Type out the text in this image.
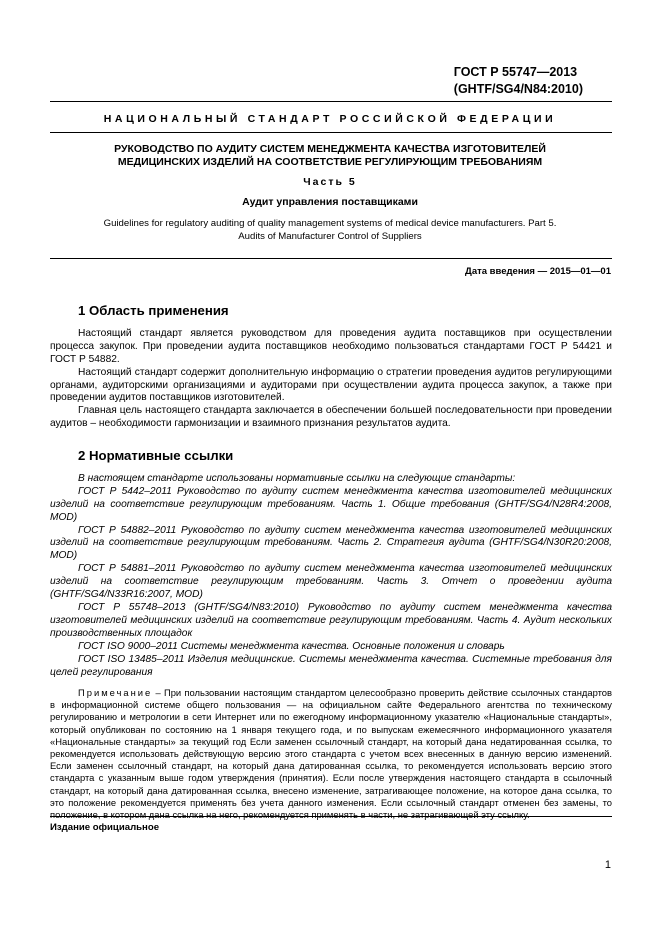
ГОСТ Р 55747—2013
(GHTF/SG4/N84:2010)
НАЦИОНАЛЬНЫЙ СТАНДАРТ РОССИЙСКОЙ ФЕДЕРАЦИИ
РУКОВОДСТВО ПО АУДИТУ СИСТЕМ МЕНЕДЖМЕНТА КАЧЕСТВА ИЗГОТОВИТЕЛЕЙ
МЕДИЦИНСКИХ ИЗДЕЛИЙ НА СООТВЕТСТВИЕ РЕГУЛИРУЮЩИМ ТРЕБОВАНИЯМ
Часть 5
Аудит управления поставщиками
Guidelines for regulatory auditing of quality management systems of medical device manufacturers. Part 5.
Audits of Manufacturer Control of Suppliers
Дата введения — 2015—01—01
1 Область применения

Настоящий стандарт является руководством для проведения аудита поставщиков при осуществлении процесса закупок. При проведении аудита поставщиков необходимо пользоваться стандартами ГОСТ Р 54421 и ГОСТ Р 54882.

Настоящий стандарт содержит дополнительную информацию о стратегии проведения аудитов регулирующими органами, аудиторскими организациями и аудиторами при осуществлении аудита процесса закупок, а также при проведении аудитов поставщиков изготовителей.

Главная цель настоящего стандарта заключается в обеспечении большей последовательности при проведении аудитов – необходимости гармонизации и взаимного признания результатов аудита.

2 Нормативные ссылки

В настоящем стандарте использованы нормативные ссылки на следующие стандарты:

ГОСТ Р 5442–2011 Руководство по аудиту систем менеджмента качества изготовителей медицинских изделий на соответствие регулирующим требованиям. Часть 1. Общие требования (GHTF/SG4/N28R4:2008, MOD)

ГОСТ Р 54882–2011 Руководство по аудиту систем менеджмента качества изготовителей медицинских изделий на соответствие регулирующим требованиям. Часть 2. Стратегия аудита (GHTF/SG4/N30R20:2008, MOD)

ГОСТ Р 54881–2011 Руководство по аудиту систем менеджмента качества изготовителей медицинских изделий на соответствие регулирующим требованиям. Часть 3. Отчет о проведении аудита (GHTF/SG4/N33R16:2007, MOD)

ГОСТ Р 55748–2013 (GHTF/SG4/N83:2010) Руководство по аудиту систем менеджмента качества изготовителей медицинских изделий на соответствие регулирующим требованиям. Часть 4. Аудит нескольких производственных площадок

ГОСТ ISO 9000–2011 Системы менеджмента качества. Основные положения и словарь

ГОСТ ISO 13485–2011 Изделия медицинские. Системы менеджмента качества. Системные требования для целей регулирования

Примечание – При пользовании настоящим стандартом целесообразно проверить действие ссылочных стандартов в информационной системе общего пользования — на официальном сайте Федерального агентства по техническому регулированию и метрологии в сети Интернет или по ежегодному информационному указателю «Национальные стандарты», который опубликован по состоянию на 1 января текущего года, и по выпускам ежемесячного информационного указателя «Национальные стандарты» за текущий год Если заменен ссылочный стандарт, на который дана недатированная ссылка, то рекомендуется использовать действующую версию этого стандарта с учетом всех внесенных в данную версию изменений. Если заменен ссылочный стандарт, на который дана датированная ссылка, то рекомендуется использовать версию этого стандарта с указанным выше годом утверждения (принятия). Если после утверждения настоящего стандарта в ссылочный стандарт, на который дана датированная ссылка, внесено изменение, затрагивающее положение, на которое дана ссылка, то это положение рекомендуется применять без учета данного изменения. Если ссылочный стандарт отменен без замены, то положение, в котором дана ссылка на него, рекомендуется применять в части, не затрагивающей эту ссылку.
Издание официальное
1
